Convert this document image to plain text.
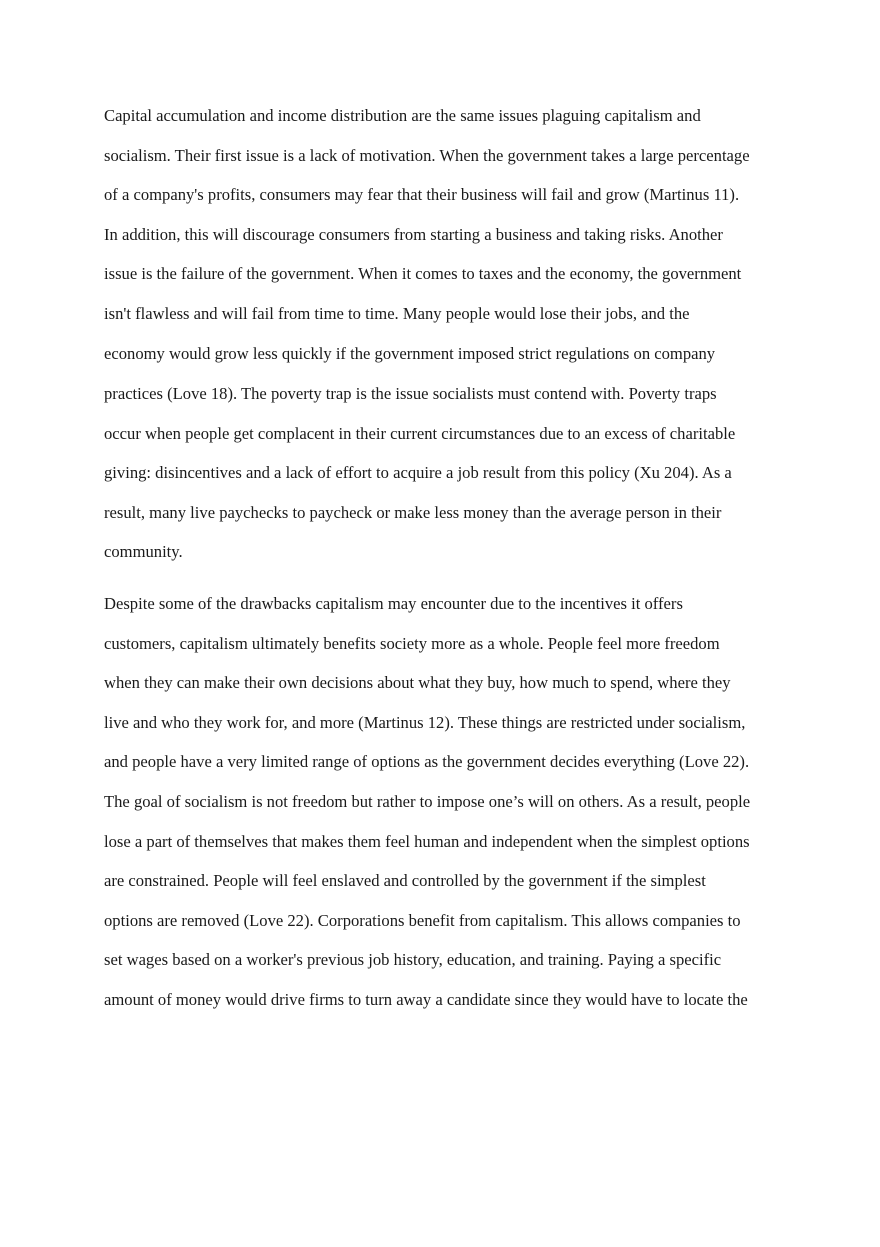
Capital accumulation and income distribution are the same issues plaguing capitalism and

socialism. Their first issue is a lack of motivation. When the government takes a large percentage

of a company's profits, consumers may fear that their business will fail and grow (Martinus 11).

In addition, this will discourage consumers from starting a business and taking risks. Another

issue is the failure of the government. When it comes to taxes and the economy, the government

isn't flawless and will fail from time to time. Many people would lose their jobs, and the

economy would grow less quickly if the government imposed strict regulations on company

practices (Love 18). The poverty trap is the issue socialists must contend with. Poverty traps

occur when people get complacent in their current circumstances due to an excess of charitable

giving: disincentives and a lack of effort to acquire a job result from this policy (Xu 204). As a

result, many live paychecks to paycheck or make less money than the average person in their

community.

Despite some of the drawbacks capitalism may encounter due to the incentives it offers

customers, capitalism ultimately benefits society more as a whole. People feel more freedom

when they can make their own decisions about what they buy, how much to spend, where they

live and who they work for, and more (Martinus 12). These things are restricted under socialism,

and people have a very limited range of options as the government decides everything (Love 22).

The goal of socialism is not freedom but rather to impose one’s will on others. As a result, people

lose a part of themselves that makes them feel human and independent when the simplest options

are constrained. People will feel enslaved and controlled by the government if the simplest

options are removed (Love 22). Corporations benefit from capitalism. This allows companies to

set wages based on a worker's previous job history, education, and training. Paying a specific

amount of money would drive firms to turn away a candidate since they would have to locate the
